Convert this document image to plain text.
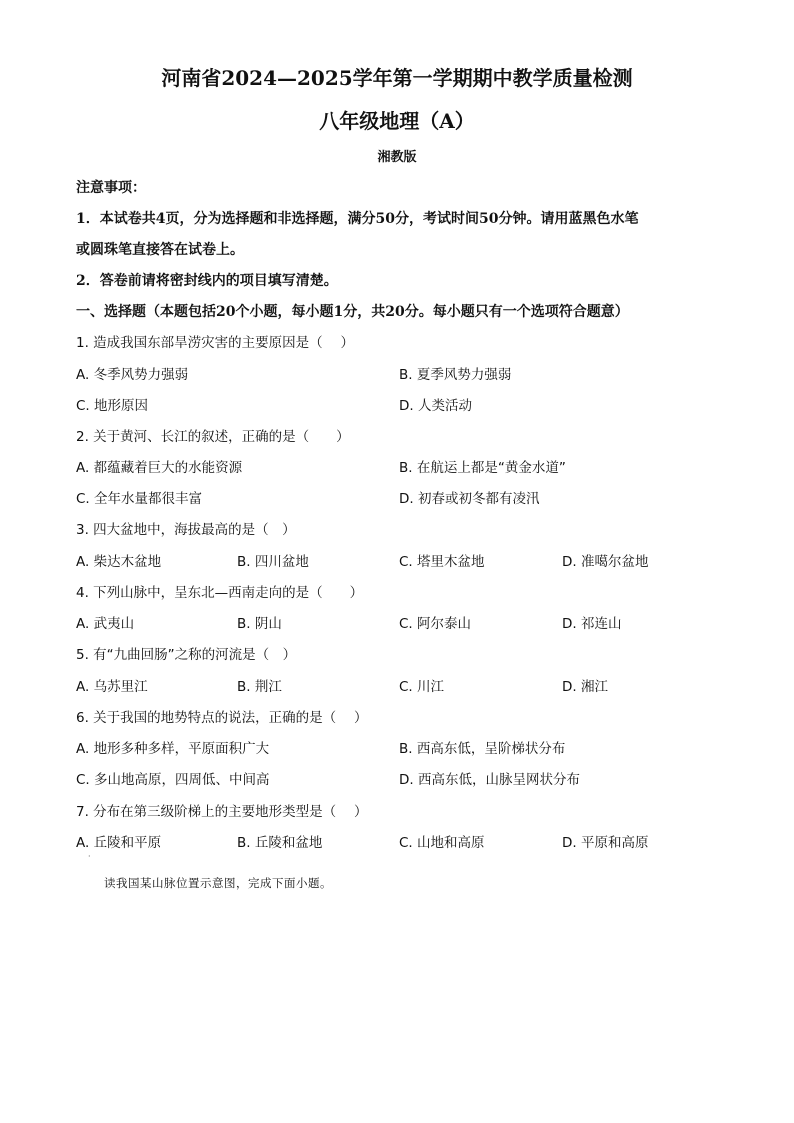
河南省2024—2025学年第一学期期中教学质量检测
八年级地理（A）
湘教版
注意事项：
1．本试卷共4页，分为选择题和非选择题，满分50分，考试时间50分钟。请用蓝黑色水笔
或圆珠笔直接答在试卷上。
2．答卷前请将密封线内的项目填写清楚。
一、选择题（本题包括20个小题，每小题1分，共20分。每小题只有一个选项符合题意）
1. 造成我国东部旱涝灾害的主要原因是（　 ）
A. 冬季风势力强弱	B. 夏季风势力强弱
C. 地形原因	D. 人类活动
2. 关于黄河、长江的叙述，正确的是（　　）
A. 都蕴藏着巨大的水能资源	B. 在航运上都是“黄金水道”
C. 全年水量都很丰富	D. 初春或初冬都有凌汛
3. 四大盆地中，海拔最高的是（　）
A. 柴达木盆地	B. 四川盆地	C. 塔里木盆地	D. 准噶尔盆地
4. 下列山脉中，呈东北—西南走向的是（　　）
A. 武夷山	B. 阴山	C. 阿尔泰山	D. 祁连山
5. 有“九曲回肠”之称的河流是（　）
A. 乌苏里江	B. 荆江	C. 川江	D. 湘江
6. 关于我国的地势特点的说法，正确的是（　 ）
A. 地形多种多样，平原面积广大	B. 西高东低，呈阶梯状分布
C. 多山地高原，四周低、中间高	D. 西高东低，山脉呈网状分布
7. 分布在第三级阶梯上的主要地形类型是（　 ）
A. 丘陵和平原	B. 丘陵和盆地	C. 山地和高原	D. 平原和高原
·
读我国某山脉位置示意图，完成下面小题。
